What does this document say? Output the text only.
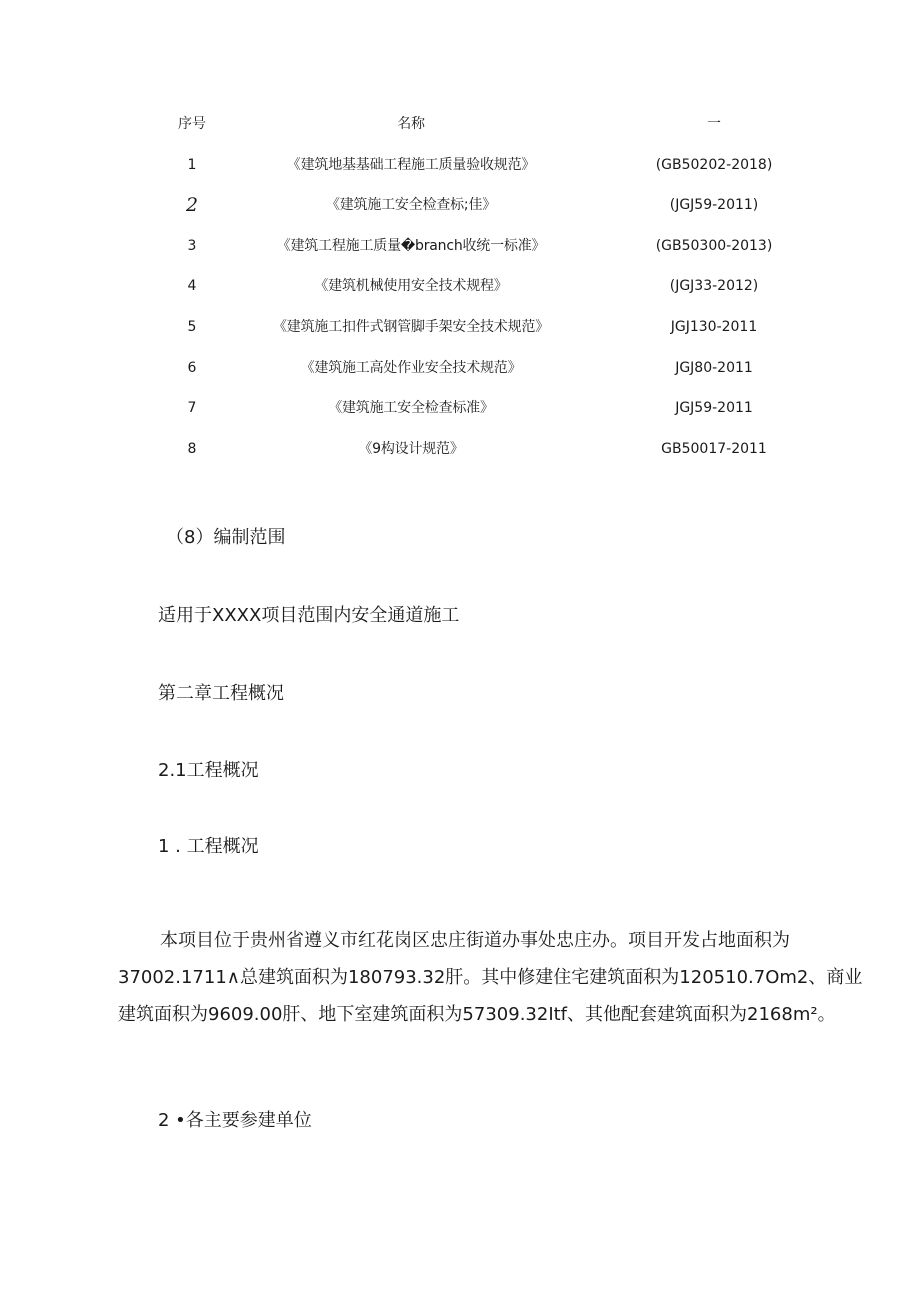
序号	名称	一
1	《建筑地基基础工程施工质量验收规范》	(GB50202-2018)
2	《建筑施工安全检查标;佳》	(JGJ59-2011)
3	《建筑工程施工质量�branch收统一标准》	(GB50300-2013)
4	《建筑机械使用安全技术规程》	(JGJ33-2012)
5	《建筑施工扣件式钢管脚手架安全技术规范》	JGJ130-2011
6	《建筑施工高处作业安全技术规范》	JGJ80-2011
7	《建筑施工安全检查标准》	JGJ59-2011
8	《9构设计规范》	GB50017-2011
（8）编制范围
适用于XXXX项目范围内安全通道施工
第二章工程概况
2.1工程概况
1 . 工程概况
本项目位于贵州省遵义市红花岗区忠庄街道办事处忠庄办。项目开发占地面积为
37002.1711∧总建筑面积为180793.32肝。其中修建住宅建筑面积为120510.7Om2、商业
建筑面积为9609.00肝、地下室建筑面积为57309.32Itf、其他配套建筑面积为2168m²。
2 •各主要参建单位
